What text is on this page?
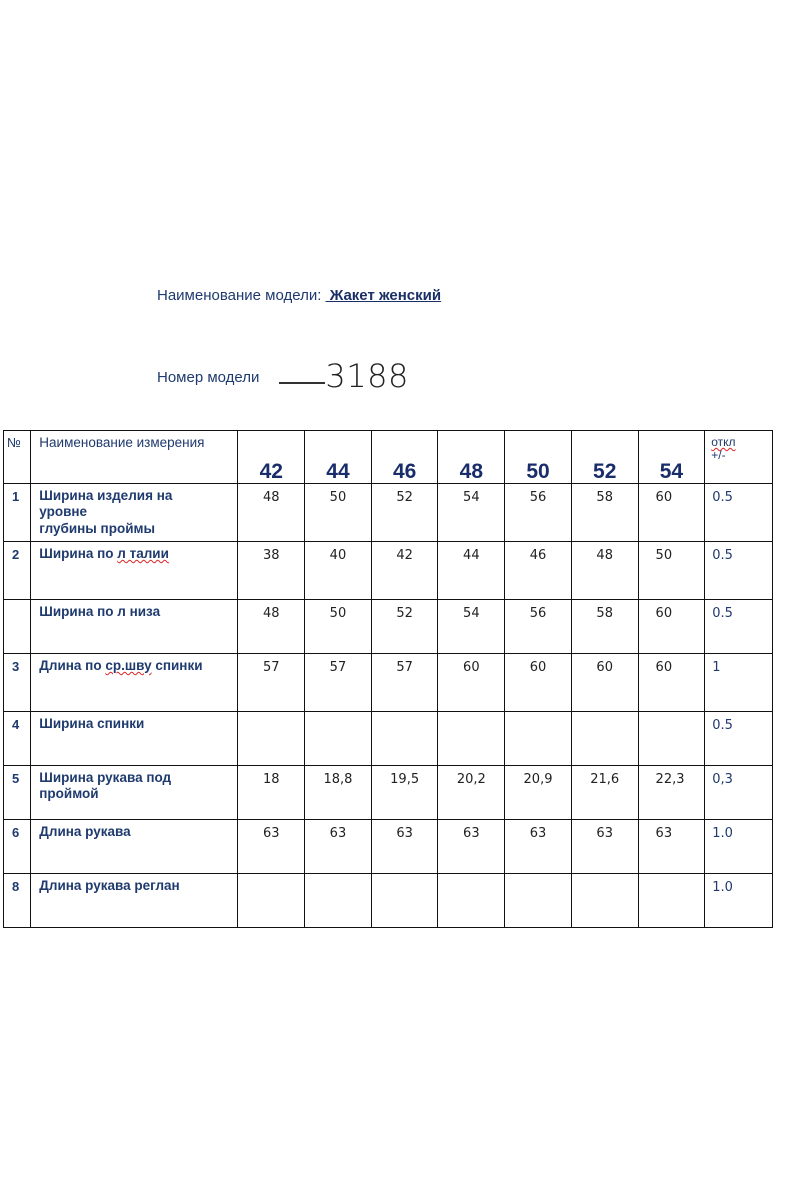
Наименование модели:  Жакет женский
Номер модели 3188
№	Наименование измерения	42	44	46	48	50	52	54	откл
+/-
1	Ширина изделия на
уровне
глубины проймы	48	50	52	54	56	58	60	0.5
2	Ширина по л талии	38	40	42	44	46	48	50	0.5
	Ширина по л низа	48	50	52	54	56	58	60	0.5
3	Длина по ср.шву спинки	57	57	57	60	60	60	60	1
4	Ширина спинки								0.5
5	Ширина рукава под
проймой	18	18,8	19,5	20,2	20,9	21,6	22,3	0,3
6	Длина рукава	63	63	63	63	63	63	63	1.0
8	Длина рукава реглан								1.0
